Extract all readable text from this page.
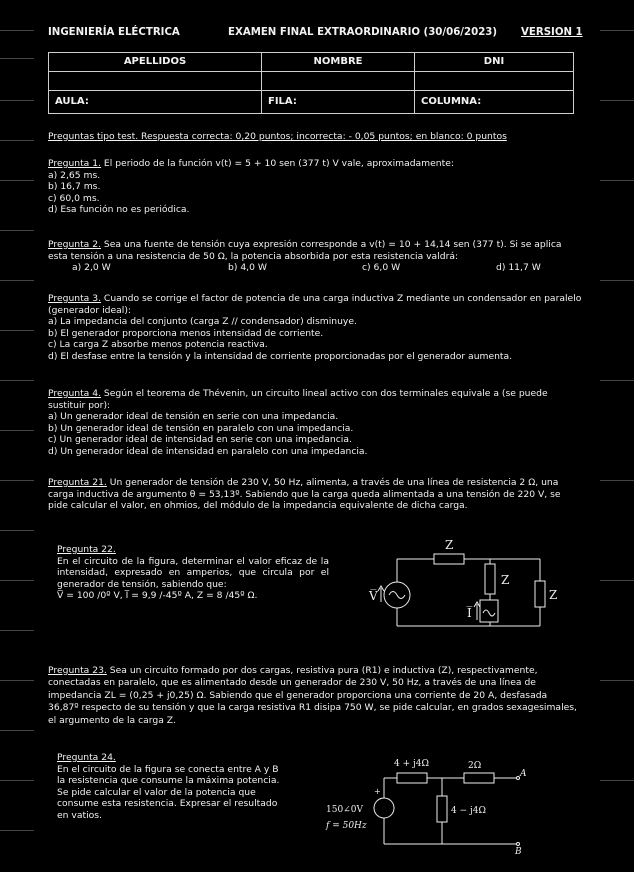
INGENIERÍA ELÉCTRICA	EXAMEN FINAL EXTRAORDINARIO (30/06/2023) VERSION 1
APELLIDOS	NOMBRE	DNI

AULA:	FILA:	COLUMNA:
Preguntas tipo test. Respuesta correcta: 0,20 puntos; incorrecta: - 0,05 puntos; en blanco: 0 puntos

Pregunta 1. El periodo de la función v(t) = 5 + 10 sen (377 t) V vale, aproximadamente:

a) 2,65 ms.

b) 16,7 ms.

c) 60,0 ms.

d) Esa función no es periódica.

Pregunta 2. Sea una fuente de tensión cuya expresión corresponde a v(t) = 10 + 14,14 sen (377 t). Si se aplica esta tensión a una resistencia de 50 Ω, la potencia absorbida por esta resistencia valdrá:

a) 2,0 W	b) 4,0 W	c) 6,0 W	d) 11,7 W

Pregunta 3. Cuando se corrige el factor de potencia de una carga inductiva Z mediante un condensador en paralelo (generador ideal):

a) La impedancia del conjunto (carga Z // condensador) disminuye.

b) El generador proporciona menos intensidad de corriente.

c) La carga Z absorbe menos potencia reactiva.

d) El desfase entre la tensión y la intensidad de corriente proporcionadas por el generador aumenta.

Pregunta 4. Según el teorema de Thévenin, un circuito lineal activo con dos terminales equivale a (se puede sustituir por):

a) Un generador ideal de tensión en serie con una impedancia.

b) Un generador ideal de tensión en paralelo con una impedancia.

c) Un generador ideal de intensidad en serie con una impedancia.

d) Un generador ideal de intensidad en paralelo con una impedancia.

Pregunta 21. Un generador de tensión de 230 V, 50 Hz, alimenta, a través de una línea de resistencia 2 Ω, una carga inductiva de argumento θ = 53,13º. Sabiendo que la carga queda alimentada a una tensión de 220 V, se pide calcular el valor, en ohmios, del módulo de la impedancia equivalente de dicha carga.

Pregunta 22.

En el circuito de la figura, determinar el valor eficaz de la intensidad, expresado en amperios, que circula por el generador de tensión, sabiendo que:

V̅ = 100 /0º V, I̅ = 9,9 /-45º A, Z = 8 /45º Ω.

Z
Z
Z
V̅
I̅

Pregunta 23. Sea un circuito formado por dos cargas, resistiva pura (R1) e inductiva (Z), respectivamente, conectadas en paralelo, que es alimentado desde un generador de 230 V, 50 Hz, a través de una línea de impedancia ZL = (0,25 + j0,25) Ω. Sabiendo que el generador proporciona una corriente de 20 A, desfasada 36,87º respecto de su tensión y que la carga resistiva R1 disipa 750 W, se pide calcular, en grados sexagesimales, el argumento de la carga Z.

Pregunta 24.

En el circuito de la figura se conecta entre A y B la resistencia que consume la máxima potencia. Se pide calcular el valor de la potencia que consume esta resistencia. Expresar el resultado en vatios.

4 + j4Ω	2Ω
4 − j4Ω
150∠0V
f = 50Hz
+
A
B
